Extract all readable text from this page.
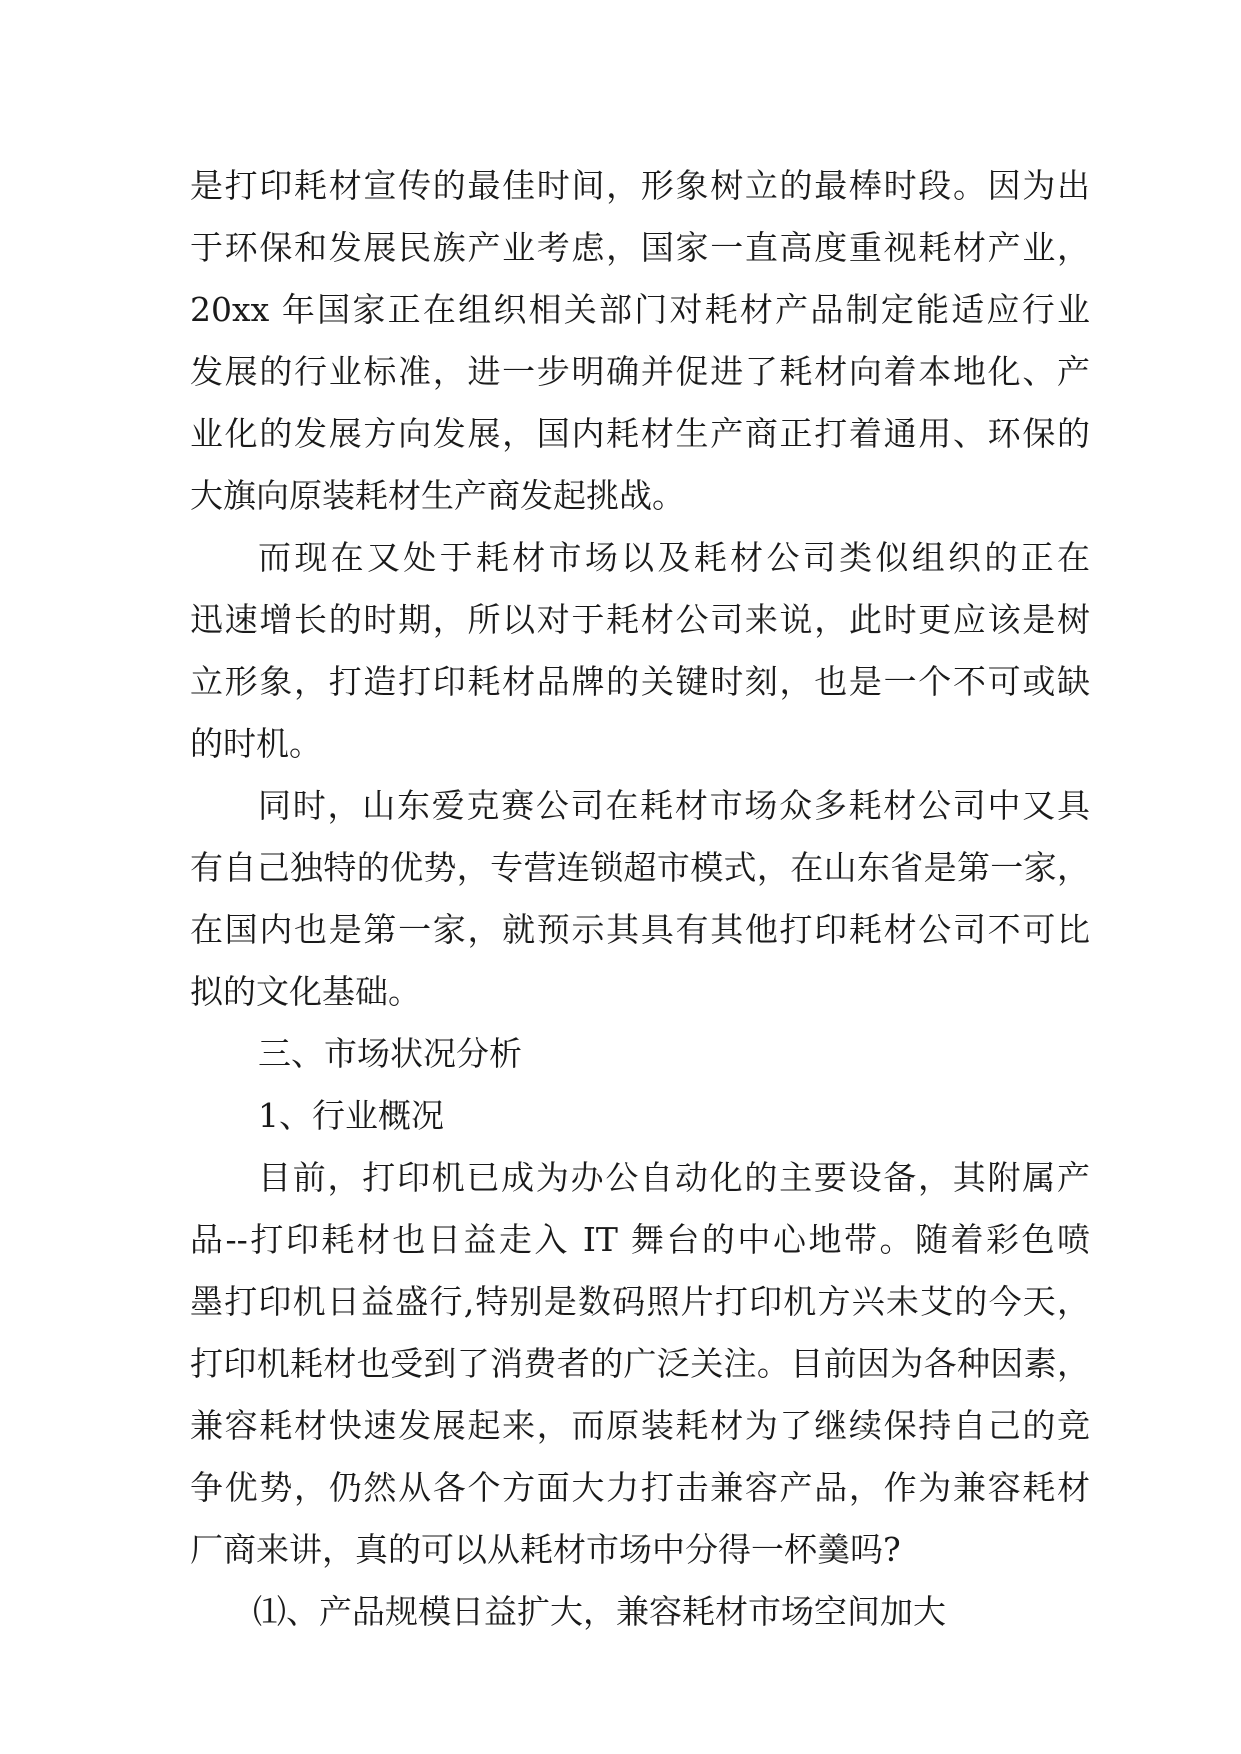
是打印耗材宣传的最佳时间，形象树立的最棒时段。因为出
于环保和发展民族产业考虑，国家一直高度重视耗材产业，
20xx 年国家正在组织相关部门对耗材产品制定能适应行业
发展的行业标准，进一步明确并促进了耗材向着本地化、产
业化的发展方向发展，国内耗材生产商正打着通用、环保的
大旗向原装耗材生产商发起挑战。
而现在又处于耗材市场以及耗材公司类似组织的正在
迅速增长的时期，所以对于耗材公司来说，此时更应该是树
立形象，打造打印耗材品牌的关键时刻，也是一个不可或缺
的时机。
同时，山东爱克赛公司在耗材市场众多耗材公司中又具
有自己独特的优势，专营连锁超市模式，在山东省是第一家，
在国内也是第一家，就预示其具有其他打印耗材公司不可比
拟的文化基础。
三、市场状况分析
1、行业概况
目前，打印机已成为办公自动化的主要设备，其附属产
品--打印耗材也日益走入 IT 舞台的中心地带。随着彩色喷
墨打印机日益盛行,特别是数码照片打印机方兴未艾的今天，
打印机耗材也受到了消费者的广泛关注。目前因为各种因素，
兼容耗材快速发展起来，而原装耗材为了继续保持自己的竞
争优势，仍然从各个方面大力打击兼容产品，作为兼容耗材
厂商来讲，真的可以从耗材市场中分得一杯羹吗?
⑴、产品规模日益扩大，兼容耗材市场空间加大
